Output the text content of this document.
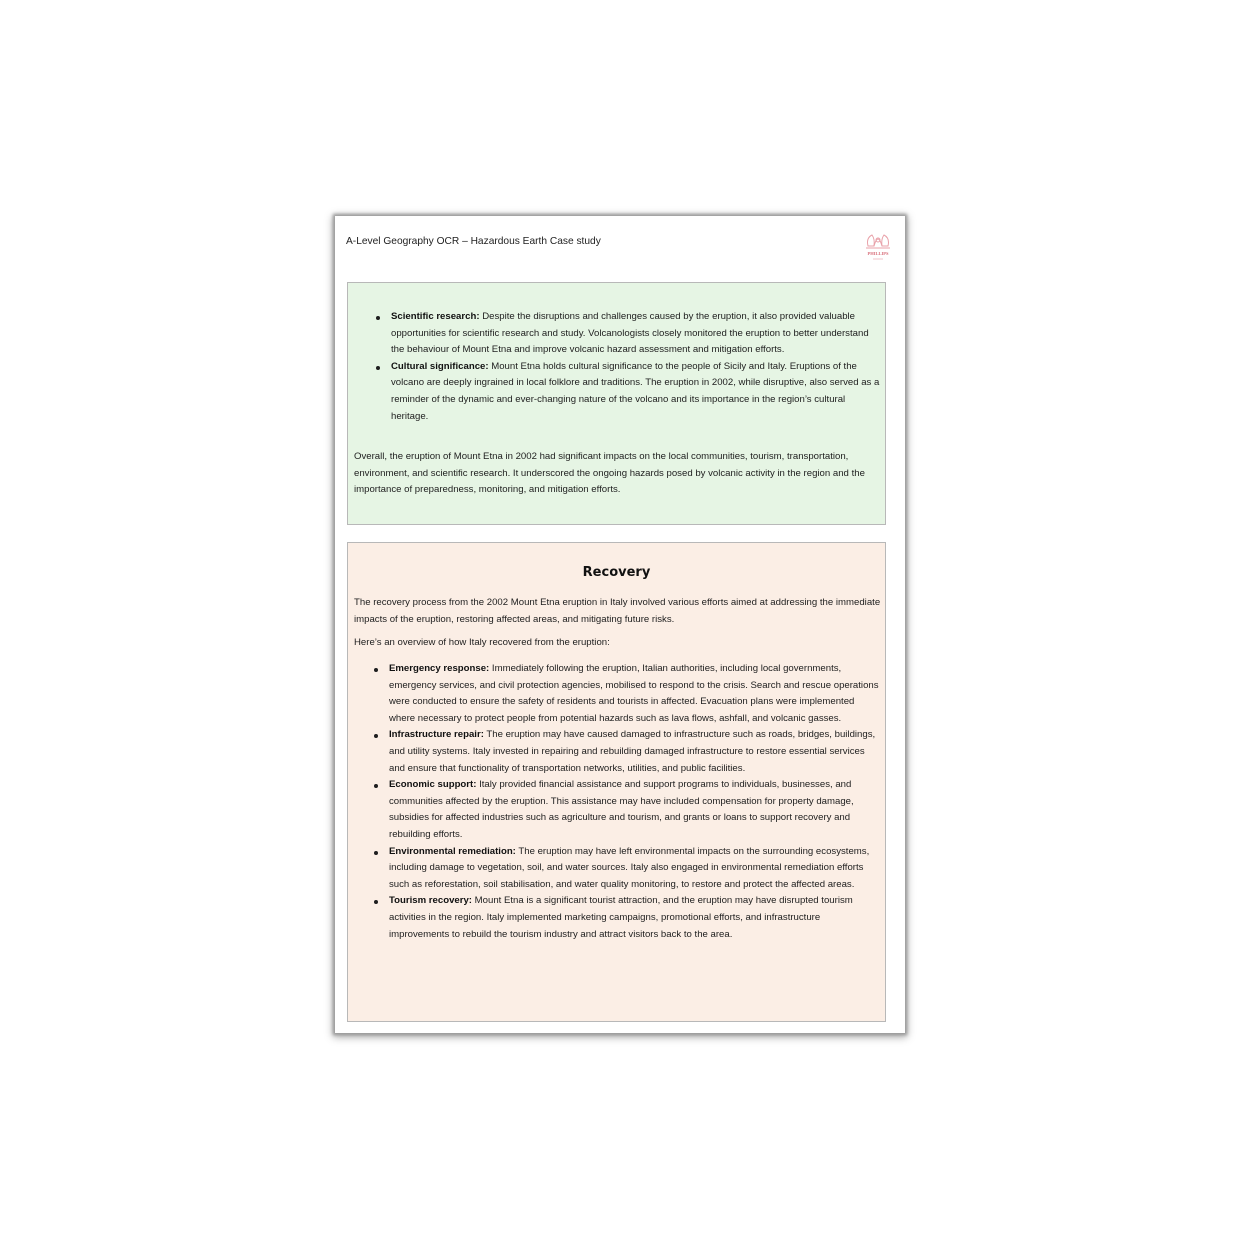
A-Level Geography OCR – Hazardous Earth Case study
PHILLIPS
Scientific research: Despite the disruptions and challenges caused by the eruption, it also provided valuable opportunities for scientific research and study. Volcanologists closely monitored the eruption to better understand the behaviour of Mount Etna and improve volcanic hazard assessment and mitigation efforts.
Cultural significance: Mount Etna holds cultural significance to the people of Sicily and Italy. Eruptions of the volcano are deeply ingrained in local folklore and traditions. The eruption in 2002, while disruptive, also served as a reminder of the dynamic and ever-changing nature of the volcano and its importance in the region’s cultural heritage.

Overall, the eruption of Mount Etna in 2002 had significant impacts on the local communities, tourism, transportation, environment, and scientific research. It underscored the ongoing hazards posed by volcanic activity in the region and the importance of preparedness, monitoring, and mitigation efforts.

Recovery

The recovery process from the 2002 Mount Etna eruption in Italy involved various efforts aimed at addressing the immediate impacts of the eruption, restoring affected areas, and mitigating future risks.

Here’s an overview of how Italy recovered from the eruption:

Emergency response: Immediately following the eruption, Italian authorities, including local governments, emergency services, and civil protection agencies, mobilised to respond to the crisis. Search and rescue operations were conducted to ensure the safety of residents and tourists in affected. Evacuation plans were implemented where necessary to protect people from potential hazards such as lava flows, ashfall, and volcanic gasses.
Infrastructure repair: The eruption may have caused damaged to infrastructure such as roads, bridges, buildings, and utility systems. Italy invested in repairing and rebuilding damaged infrastructure to restore essential services and ensure that functionality of transportation networks, utilities, and public facilities.
Economic support: Italy provided financial assistance and support programs to individuals, businesses, and communities affected by the eruption. This assistance may have included compensation for property damage, subsidies for affected industries such as agriculture and tourism, and grants or loans to support recovery and rebuilding efforts.
Environmental remediation: The eruption may have left environmental impacts on the surrounding ecosystems, including damage to vegetation, soil, and water sources. Italy also engaged in environmental remediation efforts such as reforestation, soil stabilisation, and water quality monitoring, to restore and protect the affected areas.
Tourism recovery: Mount Etna is a significant tourist attraction, and the eruption may have disrupted tourism activities in the region. Italy implemented marketing campaigns, promotional efforts, and infrastructure improvements to rebuild the tourism industry and attract visitors back to the area.
